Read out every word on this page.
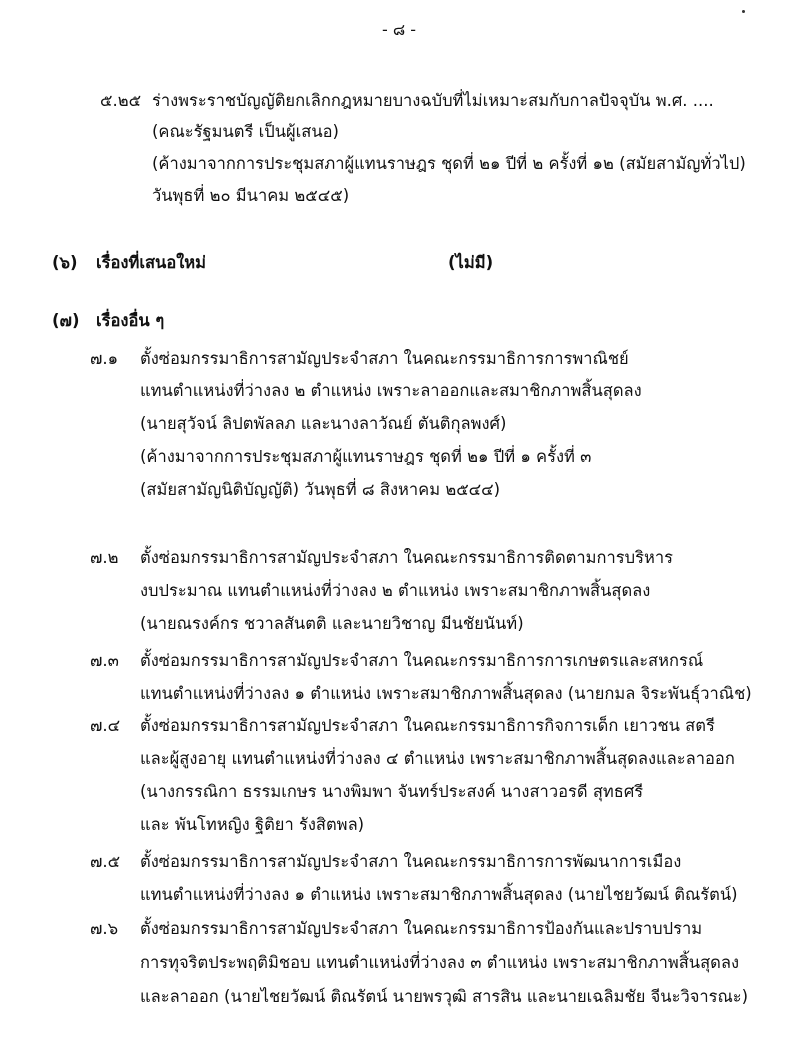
- ๘ -
๕.๒๕ ร่างพระราชบัญญัติยกเลิกกฎหมายบางฉบับที่ไม่เหมาะสมกับกาลปัจจุบัน พ.ศ. ....
(คณะรัฐมนตรี เป็นผู้เสนอ)
(ค้างมาจากการประชุมสภาผู้แทนราษฎร ชุดที่ ๒๑ ปีที่ ๒ ครั้งที่ ๑๒ (สมัยสามัญทั่วไป)
วันพุธที่ ๒๐ มีนาคม ๒๕๔๕)
(๖) เรื่องที่เสนอใหม่	(ไม่มี)
(๗) เรื่องอื่น ๆ
๗.๑ ตั้งซ่อมกรรมาธิการสามัญประจำสภา ในคณะกรรมาธิการการพาณิชย์
แทนตำแหน่งที่ว่างลง ๒ ตำแหน่ง เพราะลาออกและสมาชิกภาพสิ้นสุดลง
(นายสุวัจน์ ลิปตพัลลภ และนางลาวัณย์ ตันติกุลพงศ์)
(ค้างมาจากการประชุมสภาผู้แทนราษฎร ชุดที่ ๒๑ ปีที่ ๑ ครั้งที่ ๓
(สมัยสามัญนิติบัญญัติ) วันพุธที่ ๘ สิงหาคม ๒๕๔๔)
๗.๒ ตั้งซ่อมกรรมาธิการสามัญประจำสภา ในคณะกรรมาธิการติดตามการบริหาร
งบประมาณ แทนตำแหน่งที่ว่างลง ๒ ตำแหน่ง เพราะสมาชิกภาพสิ้นสุดลง
(นายณรงค์กร ชวาลสันตติ และนายวิชาญ มีนชัยนันท์)
๗.๓ ตั้งซ่อมกรรมาธิการสามัญประจำสภา ในคณะกรรมาธิการการเกษตรและสหกรณ์
แทนตำแหน่งที่ว่างลง ๑ ตำแหน่ง เพราะสมาชิกภาพสิ้นสุดลง (นายกมล จิระพันธุ์วาณิช)
๗.๔ ตั้งซ่อมกรรมาธิการสามัญประจำสภา ในคณะกรรมาธิการกิจการเด็ก เยาวชน สตรี
และผู้สูงอายุ แทนตำแหน่งที่ว่างลง ๔ ตำแหน่ง เพราะสมาชิกภาพสิ้นสุดลงและลาออก
(นางกรรณิกา ธรรมเกษร นางพิมพา จันทร์ประสงค์ นางสาวอรดี สุทธศรี
และ พันโทหญิง ฐิติยา รังสิตพล)
๗.๕ ตั้งซ่อมกรรมาธิการสามัญประจำสภา ในคณะกรรมาธิการการพัฒนาการเมือง
แทนตำแหน่งที่ว่างลง ๑ ตำแหน่ง เพราะสมาชิกภาพสิ้นสุดลง (นายไชยวัฒน์ ติณรัตน์)
๗.๖ ตั้งซ่อมกรรมาธิการสามัญประจำสภา ในคณะกรรมาธิการป้องกันและปราบปราม
การทุจริตประพฤติมิชอบ แทนตำแหน่งที่ว่างลง ๓ ตำแหน่ง เพราะสมาชิกภาพสิ้นสุดลง
และลาออก (นายไชยวัฒน์ ติณรัตน์ นายพรวุฒิ สารสิน และนายเฉลิมชัย จีนะวิจารณะ)
